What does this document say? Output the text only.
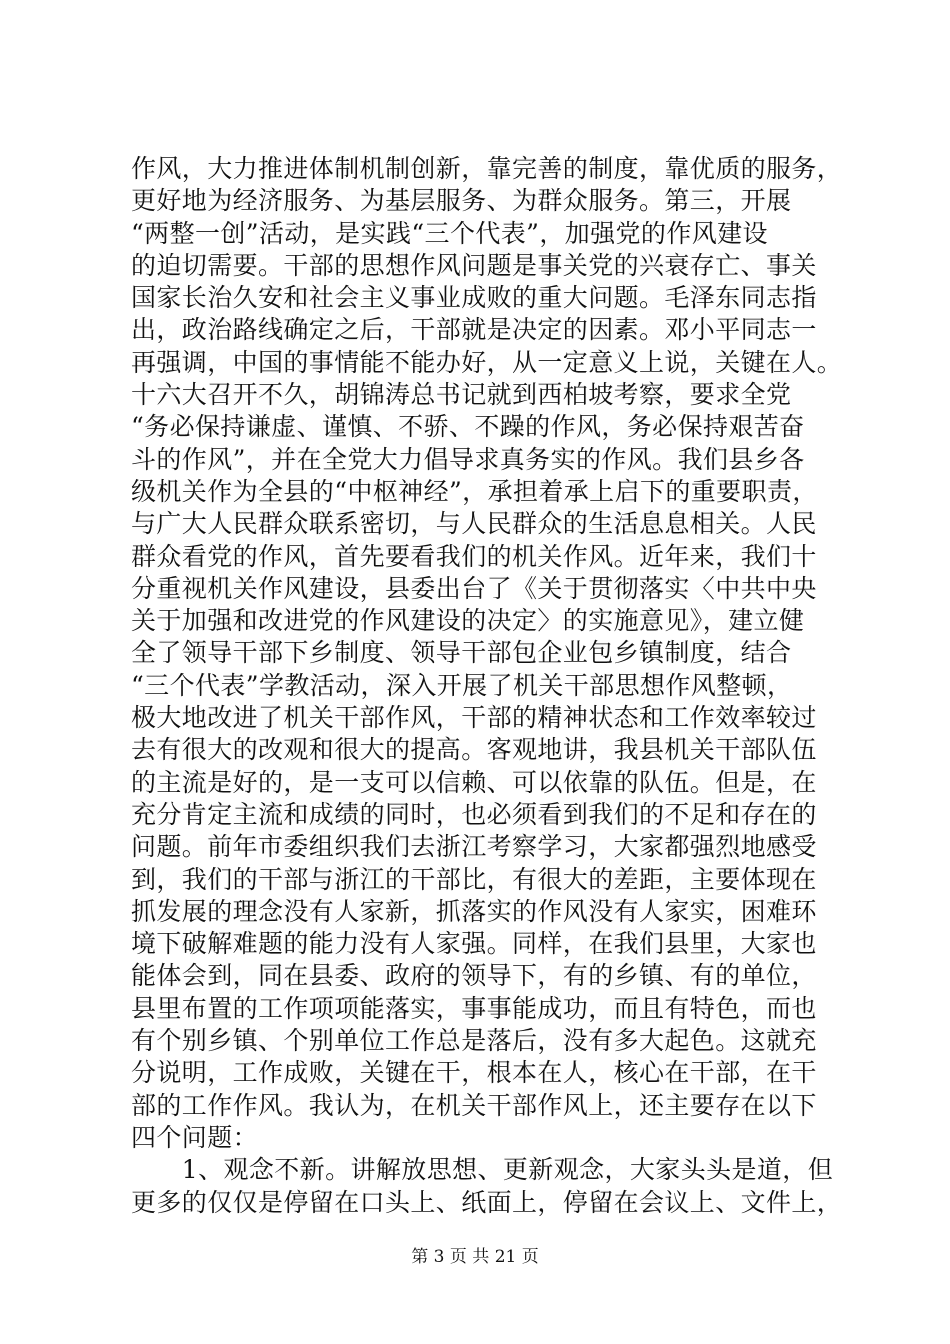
作风，大力推进体制机制创新，靠完善的制度，靠优质的服务，
更好地为经济服务、为基层服务、为群众服务。第三，开展
“两整一创”活动，是实践“三个代表”，加强党的作风建设
的迫切需要。干部的思想作风问题是事关党的兴衰存亡、事关
国家长治久安和社会主义事业成败的重大问题。毛泽东同志指
出，政治路线确定之后，干部就是决定的因素。邓小平同志一
再强调，中国的事情能不能办好，从一定意义上说，关键在人。
十六大召开不久，胡锦涛总书记就到西柏坡考察，要求全党
“务必保持谦虚、谨慎、不骄、不躁的作风，务必保持艰苦奋
斗的作风”，并在全党大力倡导求真务实的作风。我们县乡各
级机关作为全县的“中枢神经”，承担着承上启下的重要职责，
与广大人民群众联系密切，与人民群众的生活息息相关。人民
群众看党的作风，首先要看我们的机关作风。近年来，我们十
分重视机关作风建设，县委出台了《关于贯彻落实〈中共中央
关于加强和改进党的作风建设的决定〉的实施意见》，建立健
全了领导干部下乡制度、领导干部包企业包乡镇制度，结合
“三个代表”学教活动，深入开展了机关干部思想作风整顿，
极大地改进了机关干部作风，干部的精神状态和工作效率较过
去有很大的改观和很大的提高。客观地讲，我县机关干部队伍
的主流是好的，是一支可以信赖、可以依靠的队伍。但是，在
充分肯定主流和成绩的同时，也必须看到我们的不足和存在的
问题。前年市委组织我们去浙江考察学习，大家都强烈地感受
到，我们的干部与浙江的干部比，有很大的差距，主要体现在
抓发展的理念没有人家新，抓落实的作风没有人家实，困难环
境下破解难题的能力没有人家强。同样，在我们县里，大家也
能体会到，同在县委、政府的领导下，有的乡镇、有的单位，
县里布置的工作项项能落实，事事能成功，而且有特色，而也
有个别乡镇、个别单位工作总是落后，没有多大起色。这就充
分说明，工作成败，关键在干，根本在人，核心在干部，在干
部的工作作风。我认为，在机关干部作风上，还主要存在以下
四个问题：
　　1、观念不新。讲解放思想、更新观念，大家头头是道，但
更多的仅仅是停留在口头上、纸面上，停留在会议上、文件上，
第 3 页 共 21 页
